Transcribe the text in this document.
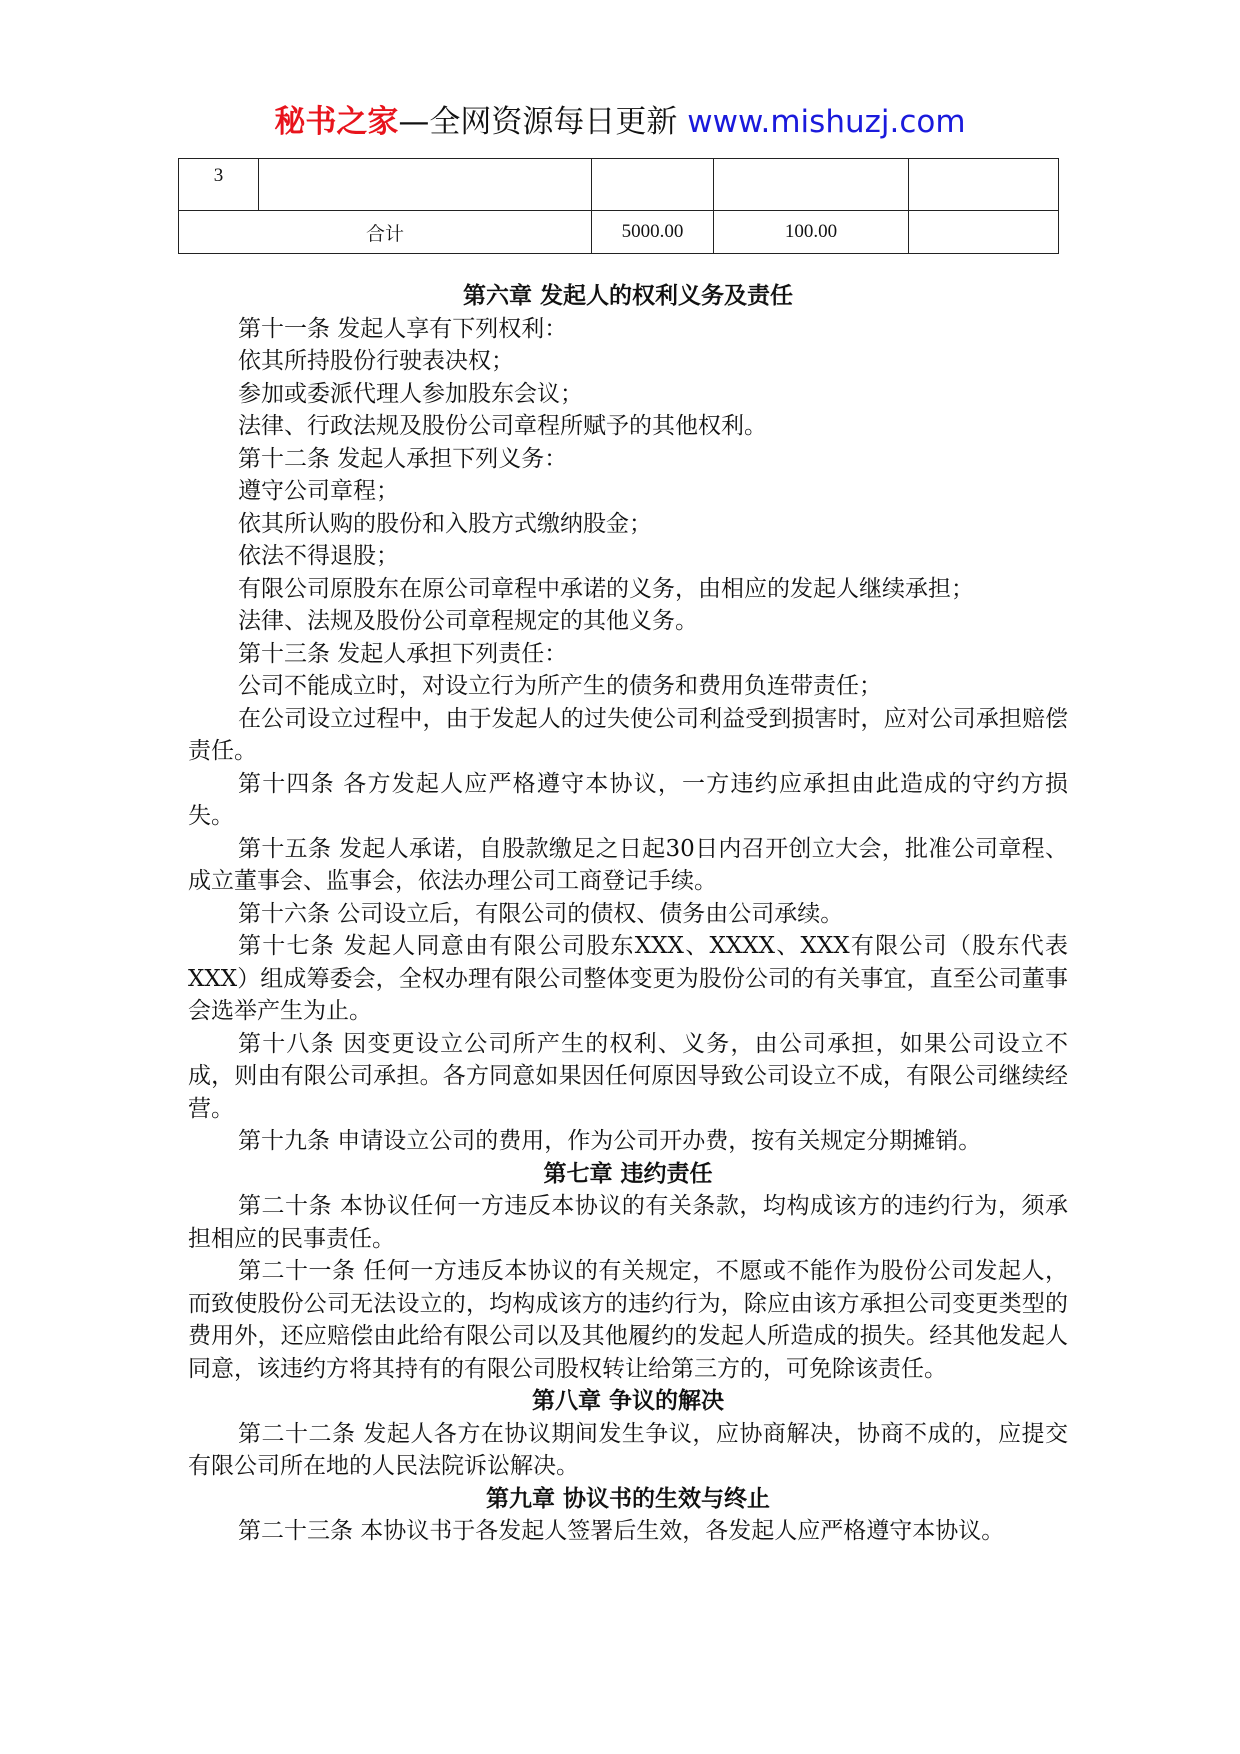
秘书之家—全网资源每日更新 www.mishuzj.com
3				
合计		5000.00	100.00	
第六章 发起人的权利义务及责任

第十一条 发起人享有下列权利：

依其所持股份行驶表决权；

参加或委派代理人参加股东会议；

法律、行政法规及股份公司章程所赋予的其他权利。

第十二条 发起人承担下列义务：

遵守公司章程；

依其所认购的股份和入股方式缴纳股金；

依法不得退股；

有限公司原股东在原公司章程中承诺的义务，由相应的发起人继续承担；

法律、法规及股份公司章程规定的其他义务。

第十三条 发起人承担下列责任：

公司不能成立时，对设立行为所产生的债务和费用负连带责任；

在公司设立过程中，由于发起人的过失使公司利益受到损害时，应对公司承担赔偿责任。

第十四条 各方发起人应严格遵守本协议，一方违约应承担由此造成的守约方损失。

第十五条 发起人承诺，自股款缴足之日起30日内召开创立大会，批准公司章程、成立董事会、监事会，依法办理公司工商登记手续。

第十六条 公司设立后，有限公司的债权、债务由公司承续。

第十七条 发起人同意由有限公司股东XXX、XXXX、XXX有限公司（股东代表XXX）组成筹委会，全权办理有限公司整体变更为股份公司的有关事宜，直至公司董事会选举产生为止。

第十八条 因变更设立公司所产生的权利、义务，由公司承担，如果公司设立不成，则由有限公司承担。各方同意如果因任何原因导致公司设立不成，有限公司继续经营。

第十九条 申请设立公司的费用，作为公司开办费，按有关规定分期摊销。

第七章 违约责任

第二十条 本协议任何一方违反本协议的有关条款，均构成该方的违约行为，须承担相应的民事责任。

第二十一条 任何一方违反本协议的有关规定，不愿或不能作为股份公司发起人，而致使股份公司无法设立的，均构成该方的违约行为，除应由该方承担公司变更类型的费用外，还应赔偿由此给有限公司以及其他履约的发起人所造成的损失。经其他发起人同意，该违约方将其持有的有限公司股权转让给第三方的，可免除该责任。

第八章 争议的解决

第二十二条 发起人各方在协议期间发生争议，应协商解决，协商不成的，应提交有限公司所在地的人民法院诉讼解决。

第九章 协议书的生效与终止

第二十三条 本协议书于各发起人签署后生效，各发起人应严格遵守本协议。
